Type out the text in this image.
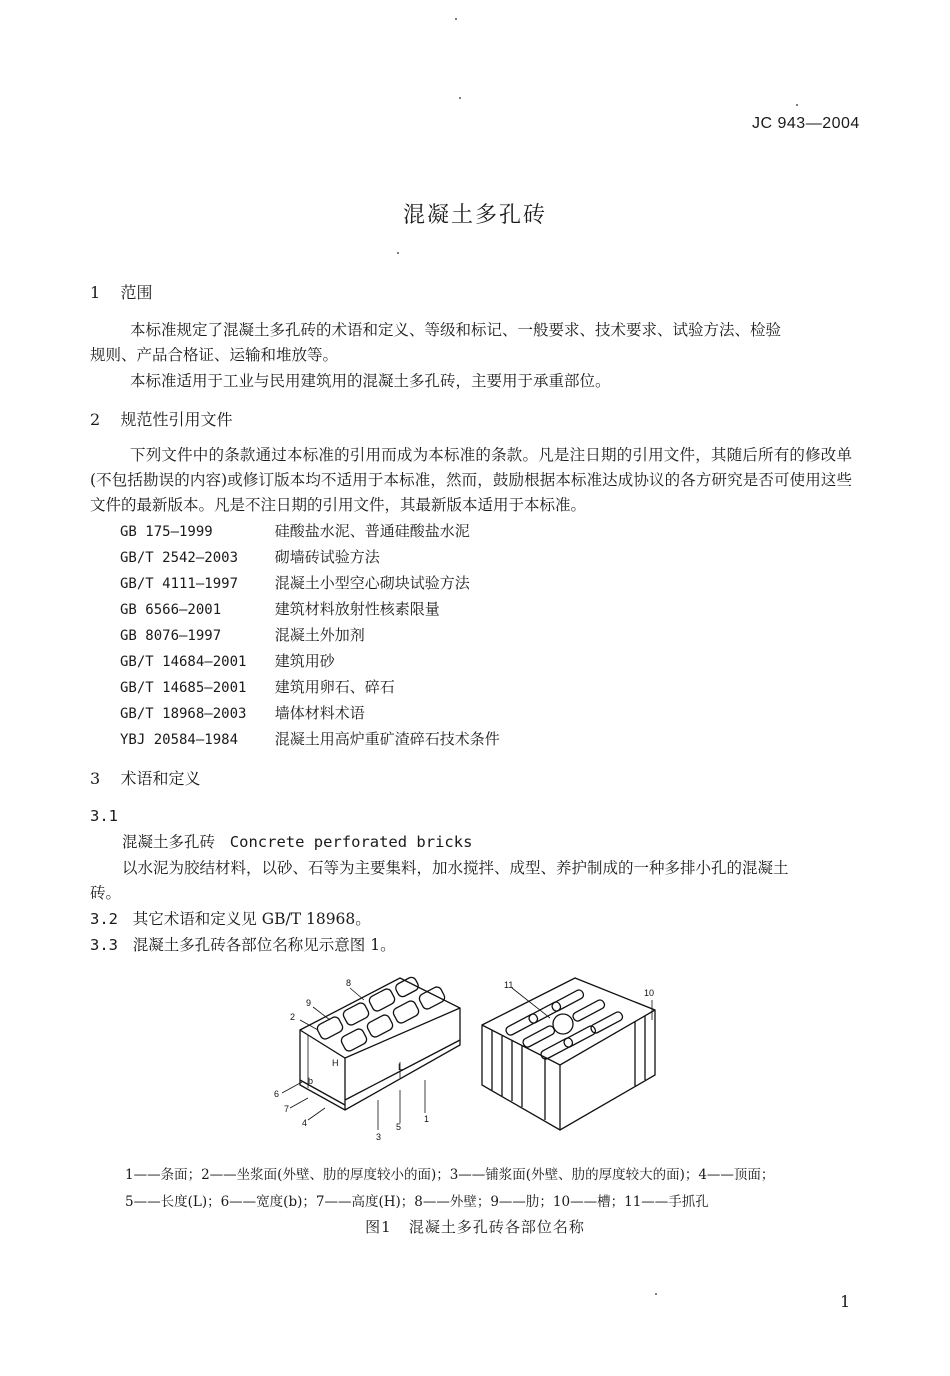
JC 943—2004
混凝土多孔砖
1 范围
本标准规定了混凝土多孔砖的术语和定义、等级和标记、一般要求、技术要求、试验方法、检验
规则、产品合格证、运输和堆放等。
本标准适用于工业与民用建筑用的混凝土多孔砖，主要用于承重部位。
2 规范性引用文件
下列文件中的条款通过本标准的引用而成为本标准的条款。凡是注日期的引用文件，其随后所有的修改单(不包括勘误的内容)或修订版本均不适用于本标准，然而，鼓励根据本标准达成协议的各方研究是否可使用这些文件的最新版本。凡是不注日期的引用文件，其最新版本适用于本标准。
GB 175—1999	硅酸盐水泥、普通硅酸盐水泥
GB/T 2542—2003 砌墙砖试验方法
GB/T 4111—1997 混凝土小型空心砌块试验方法
GB 6566—2001	建筑材料放射性核素限量
GB 8076—1997	混凝土外加剂
GB/T 14684—2001 建筑用砂
GB/T 14685—2001 建筑用卵石、碎石
GB/T 18968—2003 墙体材料术语
YBJ 20584—1984 混凝土用高炉重矿渣碎石技术条件
3 术语和定义
3.1
混凝土多孔砖 Concrete perforated bricks
以水泥为胶结材料，以砂、石等为主要集料，加水搅拌、成型、养护制成的一种多排小孔的混凝土
砖。
3.2 其它术语和定义见 GB/T 18968。
3.3 混凝土多孔砖各部位名称见示意图 1。
2
9
8
6
7
4
3
5
1
L
b
H
11
10
1——条面；2——坐浆面(外壁、肋的厚度较小的面)；3——铺浆面(外壁、肋的厚度较大的面)；4——顶面；
5——长度(L)；6——宽度(b)；7——高度(H)；8——外壁；9——肋；10——槽；11——手抓孔
图1 混凝土多孔砖各部位名称
1
